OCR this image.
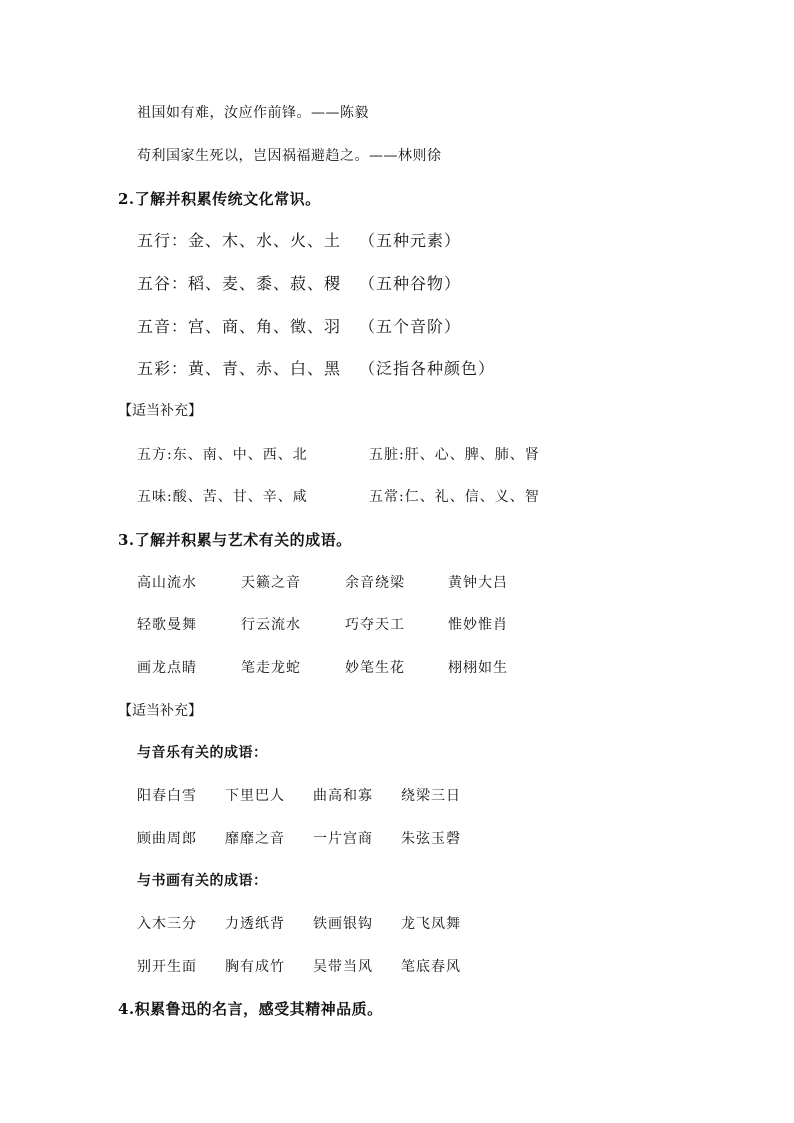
祖国如有难，汝应作前锋。——陈毅
苟利国家生死以，岂因祸福避趋之。——林则徐
2.了解并积累传统文化常识。
五行：金、木、水、火、土 （五种元素）
五谷：稻、麦、黍、菽、稷 （五种谷物）
五音：宫、商、角、徵、羽 （五个音阶）
五彩：黄、青、赤、白、黑 （泛指各种颜色）
【适当补充】
五方:东、南、中、西、北	五脏:肝、心、脾、肺、肾
五味:酸、苦、甘、辛、咸	五常:仁、礼、信、义、智
3.了解并积累与艺术有关的成语。
高山流水	天籁之音	余音绕梁	黄钟大吕
轻歌曼舞	行云流水	巧夺天工	惟妙惟肖
画龙点睛	笔走龙蛇	妙笔生花	栩栩如生
【适当补充】
与音乐有关的成语：
阳春白雪 下里巴人 曲高和寡 绕梁三日
顾曲周郎 靡靡之音 一片宫商 朱弦玉磬
与书画有关的成语：
入木三分 力透纸背 铁画银钩 龙飞凤舞
别开生面 胸有成竹 吴带当风 笔底春风
4.积累鲁迅的名言，感受其精神品质。
